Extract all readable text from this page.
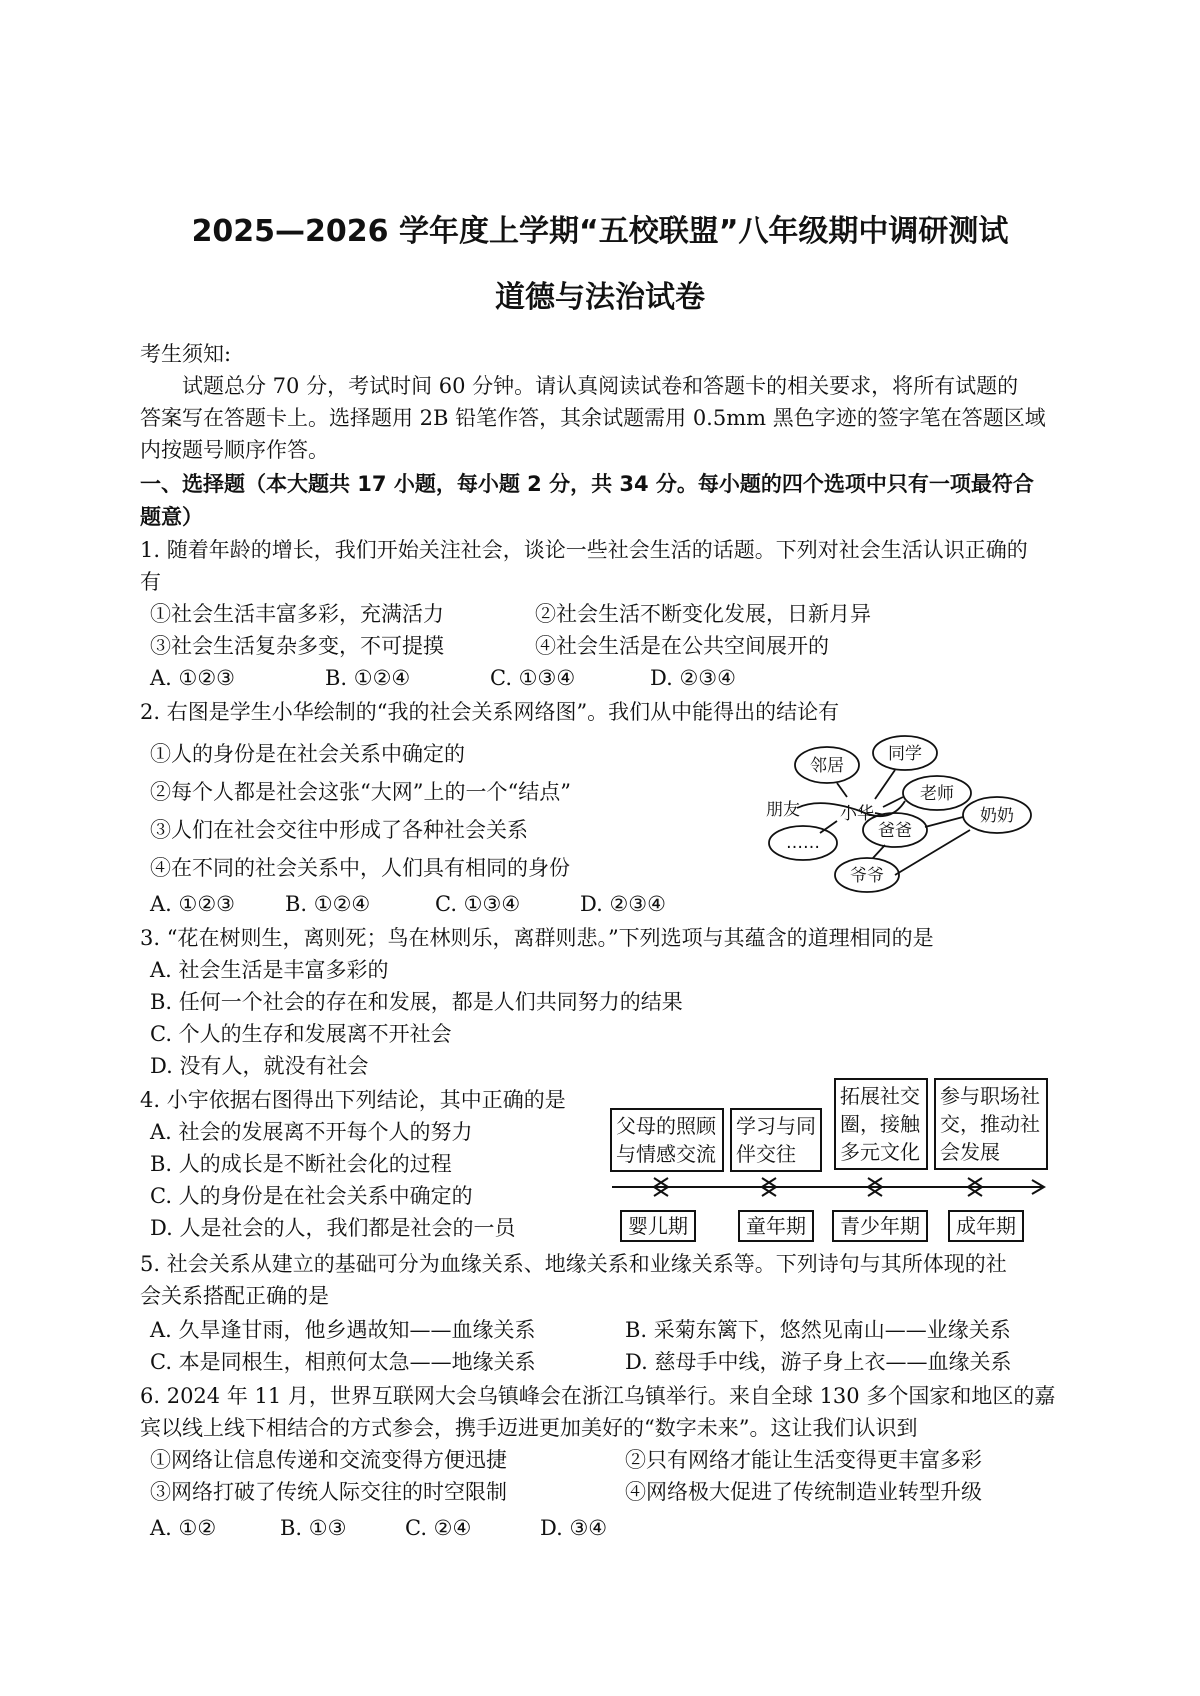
2025—2026 学年度上学期“五校联盟”八年级期中调研测试
道德与法治试卷
考生须知:
试题总分 70 分，考试时间 60 分钟。请认真阅读试卷和答题卡的相关要求，将所有试题的
答案写在答题卡上。选择题用 2B 铅笔作答，其余试题需用 0.5mm 黑色字迹的签字笔在答题区域
内按题号顺序作答。
一、选择题（本大题共 17 小题，每小题 2 分，共 34 分。每小题的四个选项中只有一项最符合
题意）
1. 随着年龄的增长，我们开始关注社会，谈论一些社会生活的话题。下列对社会生活认识正确的
有
①社会生活丰富多彩，充满活力	②社会生活不断变化发展，日新月异
③社会生活复杂多变，不可提摸	④社会生活是在公共空间展开的
A. ①②③	B. ①②④	C. ①③④	D. ②③④
2. 右图是学生小华绘制的“我的社会关系网络图”。我们从中能得出的结论有
①人的身份是在社会关系中确定的
②每个人都是社会这张“大网”上的一个“结点”
③人们在社会交往中形成了各种社会关系
④在不同的社会关系中，人们具有相同的身份
A. ①②③ B. ①②④	C. ①③④	D. ②③④
邻居
同学
老师
朋友 小华
……
爸爸
奶奶
爷爷
3. “花在树则生，离则死；鸟在林则乐，离群则悲。”下列选项与其蕴含的道理相同的是
A. 社会生活是丰富多彩的
B. 任何一个社会的存在和发展，都是人们共同努力的结果
C. 个人的生存和发展离不开社会
D. 没有人，就没有社会
4. 小宇依据右图得出下列结论，其中正确的是
A. 社会的发展离不开每个人的努力
B. 人的成长是不断社会化的过程
C. 人的身份是在社会关系中确定的
D. 人是社会的人，我们都是社会的一员
父母的照顾
与情感交流
学习与同
伴交往
拓展社交
圈，接触
多元文化
参与职场社
交，推动社
会发展
婴儿期	童年期	青少年期	成年期
5. 社会关系从建立的基础可分为血缘关系、地缘关系和业缘关系等。下列诗句与其所体现的社
会关系搭配正确的是
A. 久旱逢甘雨，他乡遇故知——血缘关系	B. 采菊东篱下，悠然见南山——业缘关系
C. 本是同根生，相煎何太急——地缘关系	D. 慈母手中线，游子身上衣——血缘关系
6. 2024 年 11 月，世界互联网大会乌镇峰会在浙江乌镇举行。来自全球 130 多个国家和地区的嘉
宾以线上线下相结合的方式参会，携手迈进更加美好的“数字未来”。这让我们认识到
①网络让信息传递和交流变得方便迅捷	②只有网络才能让生活变得更丰富多彩
③网络打破了传统人际交往的时空限制	④网络极大促进了传统制造业转型升级
A. ①②	B. ①③	C. ②④	D. ③④
